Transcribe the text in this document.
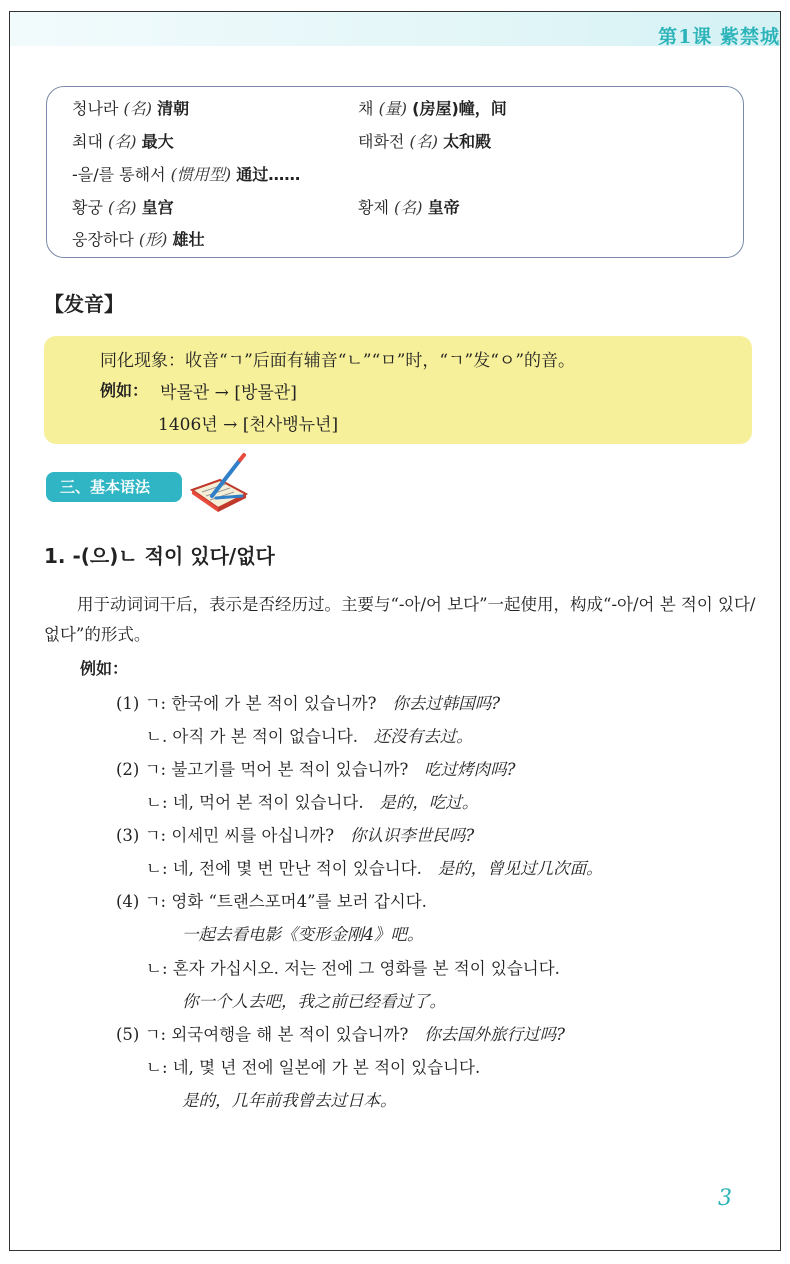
第1课 紫禁城
청나라 (名) 清朝	채 (量) (房屋)幢，间
최대 (名) 最大	태화전 (名) 太和殿
-을/를 통해서 (惯用型) 通过……
황궁 (名) 皇宫	황제 (名) 皇帝
웅장하다 (形) 雄壮
【发音】
同化现象：收音“ㄱ”后面有辅音“ㄴ”“ㅁ”时，“ㄱ”发“ㅇ”的音。
例如： 박물관 → [방물관]
1406년 → [천사뱅뉴년]
三、基本语法
1. -(으)ㄴ 적이 있다/없다
用于动词词干后，表示是否经历过。主要与“-아/어 보다”一起使用，构成“-아/어 본 적이 있다/없다”的形式。
例如：
(1) ㄱ: 한국에 가 본 적이 있습니까? 你去过韩国吗?
ㄴ. 아직 가 본 적이 없습니다. 还没有去过。
(2) ㄱ: 불고기를 먹어 본 적이 있습니까? 吃过烤肉吗?
ㄴ: 네, 먹어 본 적이 있습니다. 是的，吃过。
(3) ㄱ: 이세민 씨를 아십니까? 你认识李世民吗?
ㄴ: 네, 전에 몇 번 만난 적이 있습니다. 是的，曾见过几次面。
(4) ㄱ: 영화 “트랜스포머4”를 보러 갑시다.
一起去看电影《变形金刚4》吧。
ㄴ: 혼자 가십시오. 저는 전에 그 영화를 본 적이 있습니다.
你一个人去吧，我之前已经看过了。
(5) ㄱ: 외국여행을 해 본 적이 있습니까? 你去国外旅行过吗?
ㄴ: 네, 몇 년 전에 일본에 가 본 적이 있습니다.
是的，几年前我曾去过日本。
3
